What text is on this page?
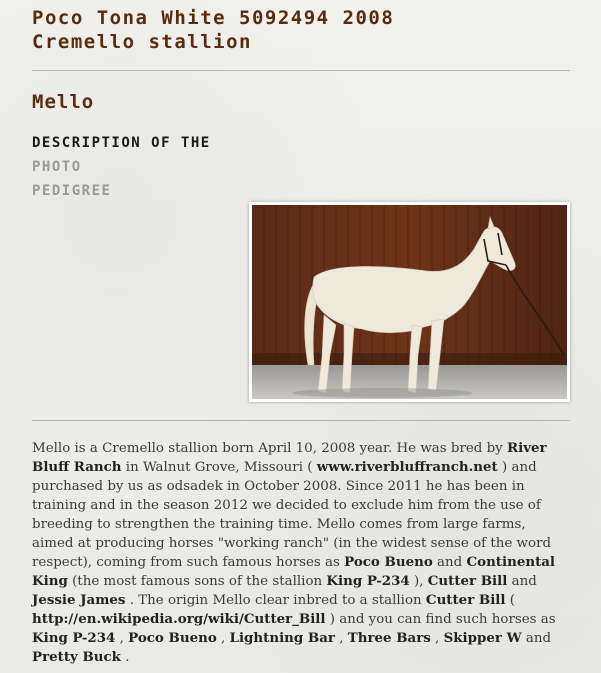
Poco Tona White 5092494 2008
Cremello stallion
Mello
DESCRIPTION OF THE
PHOTO
PEDIGREE

Mello is a Cremello stallion born April 10, 2008 year. He was bred by River Bluff Ranch in Walnut Grove, Missouri ( www.riverbluffranch.net ) and purchased by us as odsadek in October 2008. Since 2011 he has been in training and in the season 2012 we decided to exclude him from the use of breeding to strengthen the training time. Mello comes from large farms, aimed at producing horses "working ranch" (in the widest sense of the word respect), coming from such famous horses as Poco Bueno and Continental King (the most famous sons of the stallion King P-234 ), Cutter Bill and Jessie James . The origin Mello clear inbred to a stallion Cutter Bill ( http://en.wikipedia.org/wiki/Cutter_Bill ) and you can find such horses as King P-234 , Poco Bueno , Lightning Bar , Three Bars , Skipper W and Pretty Buck .
